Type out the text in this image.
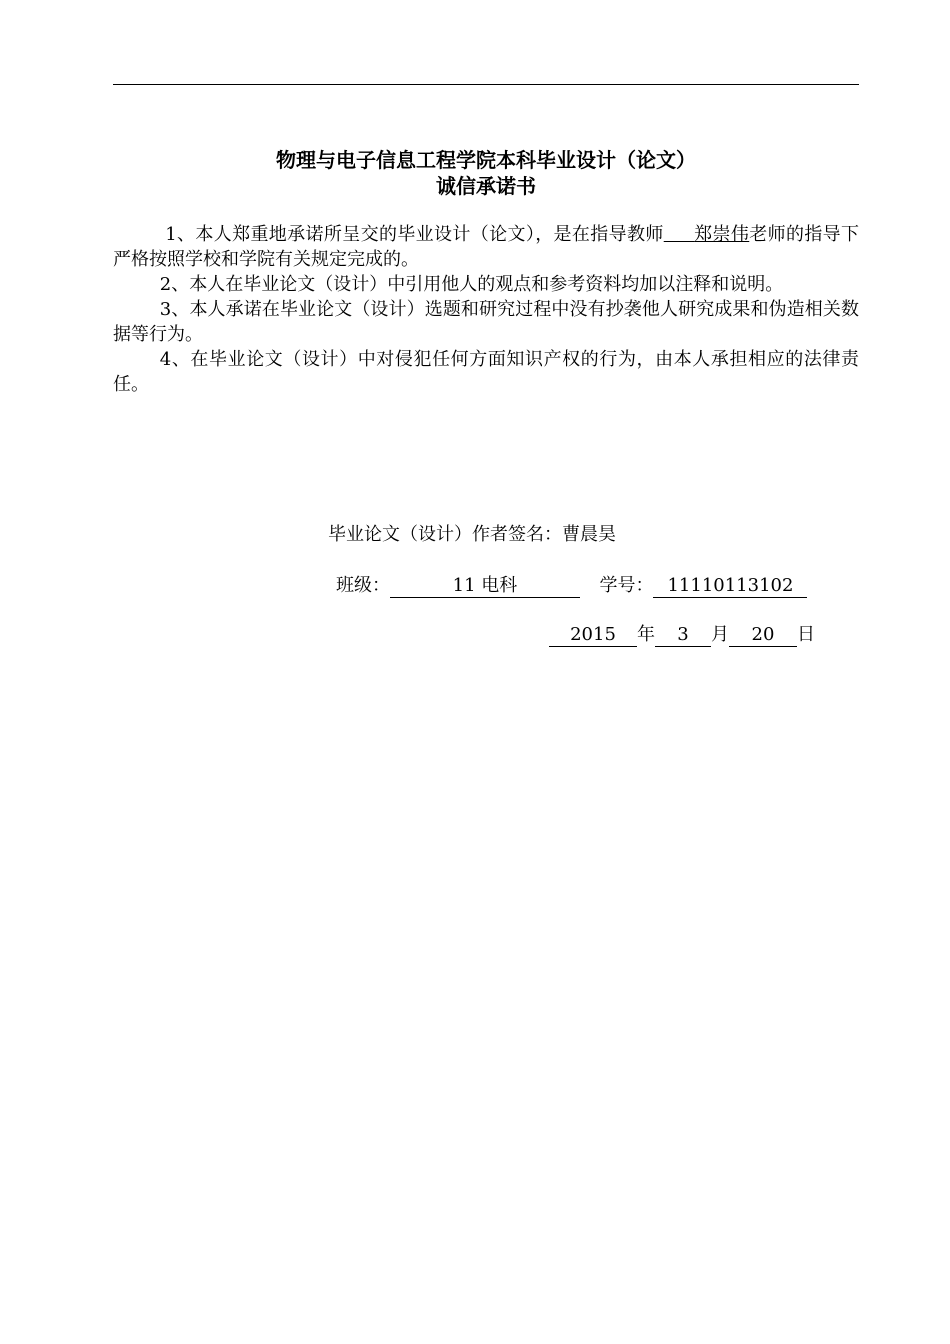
物理与电子信息工程学院本科毕业设计（论文）
诚信承诺书

1、本人郑重地承诺所呈交的毕业设计（论文），是在指导教师 郑崇伟老师的指导下严格按照学校和学院有关规定完成的。

2、本人在毕业论文（设计）中引用他人的观点和参考资料均加以注释和说明。

3、本人承诺在毕业论文（设计）选题和研究过程中没有抄袭他人研究成果和伪造相关数据等行为。

4、在毕业论文（设计）中对侵犯任何方面知识产权的行为，由本人承担相应的法律责任。

毕业论文（设计）作者签名：曹晨昊
班级：	11 电科	学号： 11110113102
2015 年 3 月 20 日
